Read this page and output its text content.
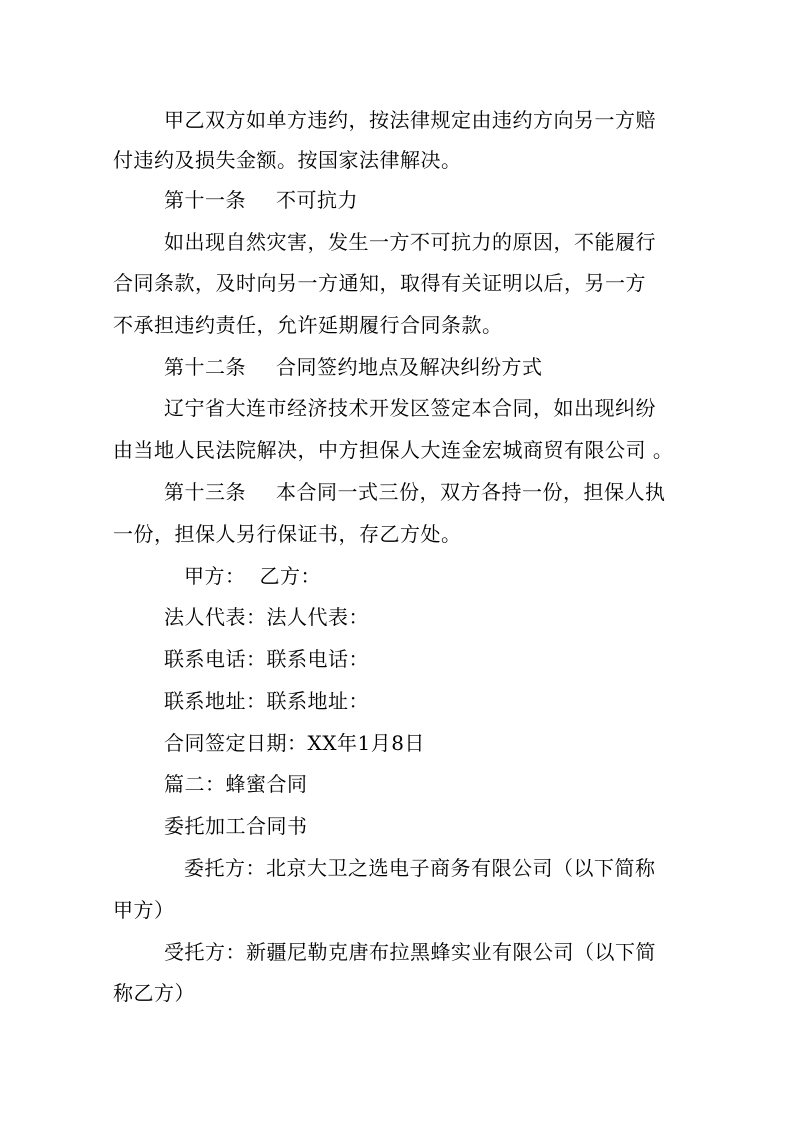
甲乙双方如单方违约，按法律规定由违约方向另一方赔
付违约及损失金额。按国家法律解决。
第十一条 不可抗力
如出现自然灾害，发生一方不可抗力的原因，不能履行
合同条款，及时向另一方通知，取得有关证明以后，另一方
不承担违约责任，允许延期履行合同条款。
第十二条 合同签约地点及解决纠纷方式
辽宁省大连市经济技术开发区签定本合同，如出现纠纷
由当地人民法院解决，中方担保人大连金宏城商贸有限公司 。
第十三条 本合同一式三份，双方各持一份，担保人执
一份，担保人另行保证书，存乙方处。
甲方： 乙方：
法人代表：法人代表：
联系电话：联系电话：
联系地址：联系地址：
合同签定日期：XX年1月8日
篇二：蜂蜜合同
委托加工合同书
委托方：北京大卫之选电子商务有限公司（以下简称
甲方）
受托方：新疆尼勒克唐布拉黑蜂实业有限公司（以下简
称乙方）
